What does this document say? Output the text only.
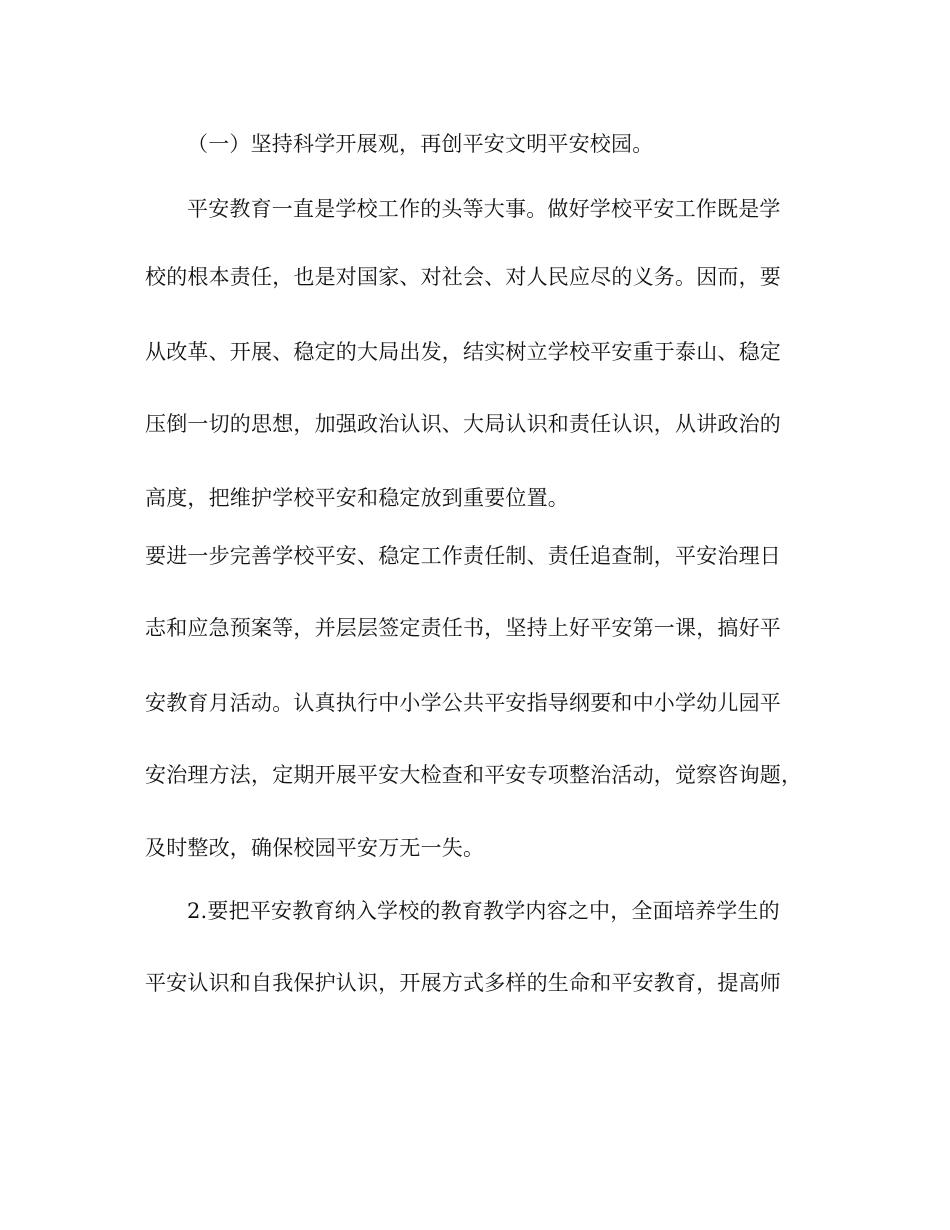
（一）坚持科学开展观，再创平安文明平安校园。
平安教育一直是学校工作的头等大事。做好学校平安工作既是学
校的根本责任，也是对国家、对社会、对人民应尽的义务。因而，要
从改革、开展、稳定的大局出发，结实树立学校平安重于泰山、稳定
压倒一切的思想，加强政治认识、大局认识和责任认识，从讲政治的
高度，把维护学校平安和稳定放到重要位置。
要进一步完善学校平安、稳定工作责任制、责任追查制，平安治理日
志和应急预案等，并层层签定责任书，坚持上好平安第一课，搞好平
安教育月活动。认真执行中小学公共平安指导纲要和中小学幼儿园平
安治理方法，定期开展平安大检查和平安专项整治活动，觉察咨询题，
及时整改，确保校园平安万无一失。
2.要把平安教育纳入学校的教育教学内容之中，全面培养学生的
平安认识和自我保护认识，开展方式多样的生命和平安教育，提高师
